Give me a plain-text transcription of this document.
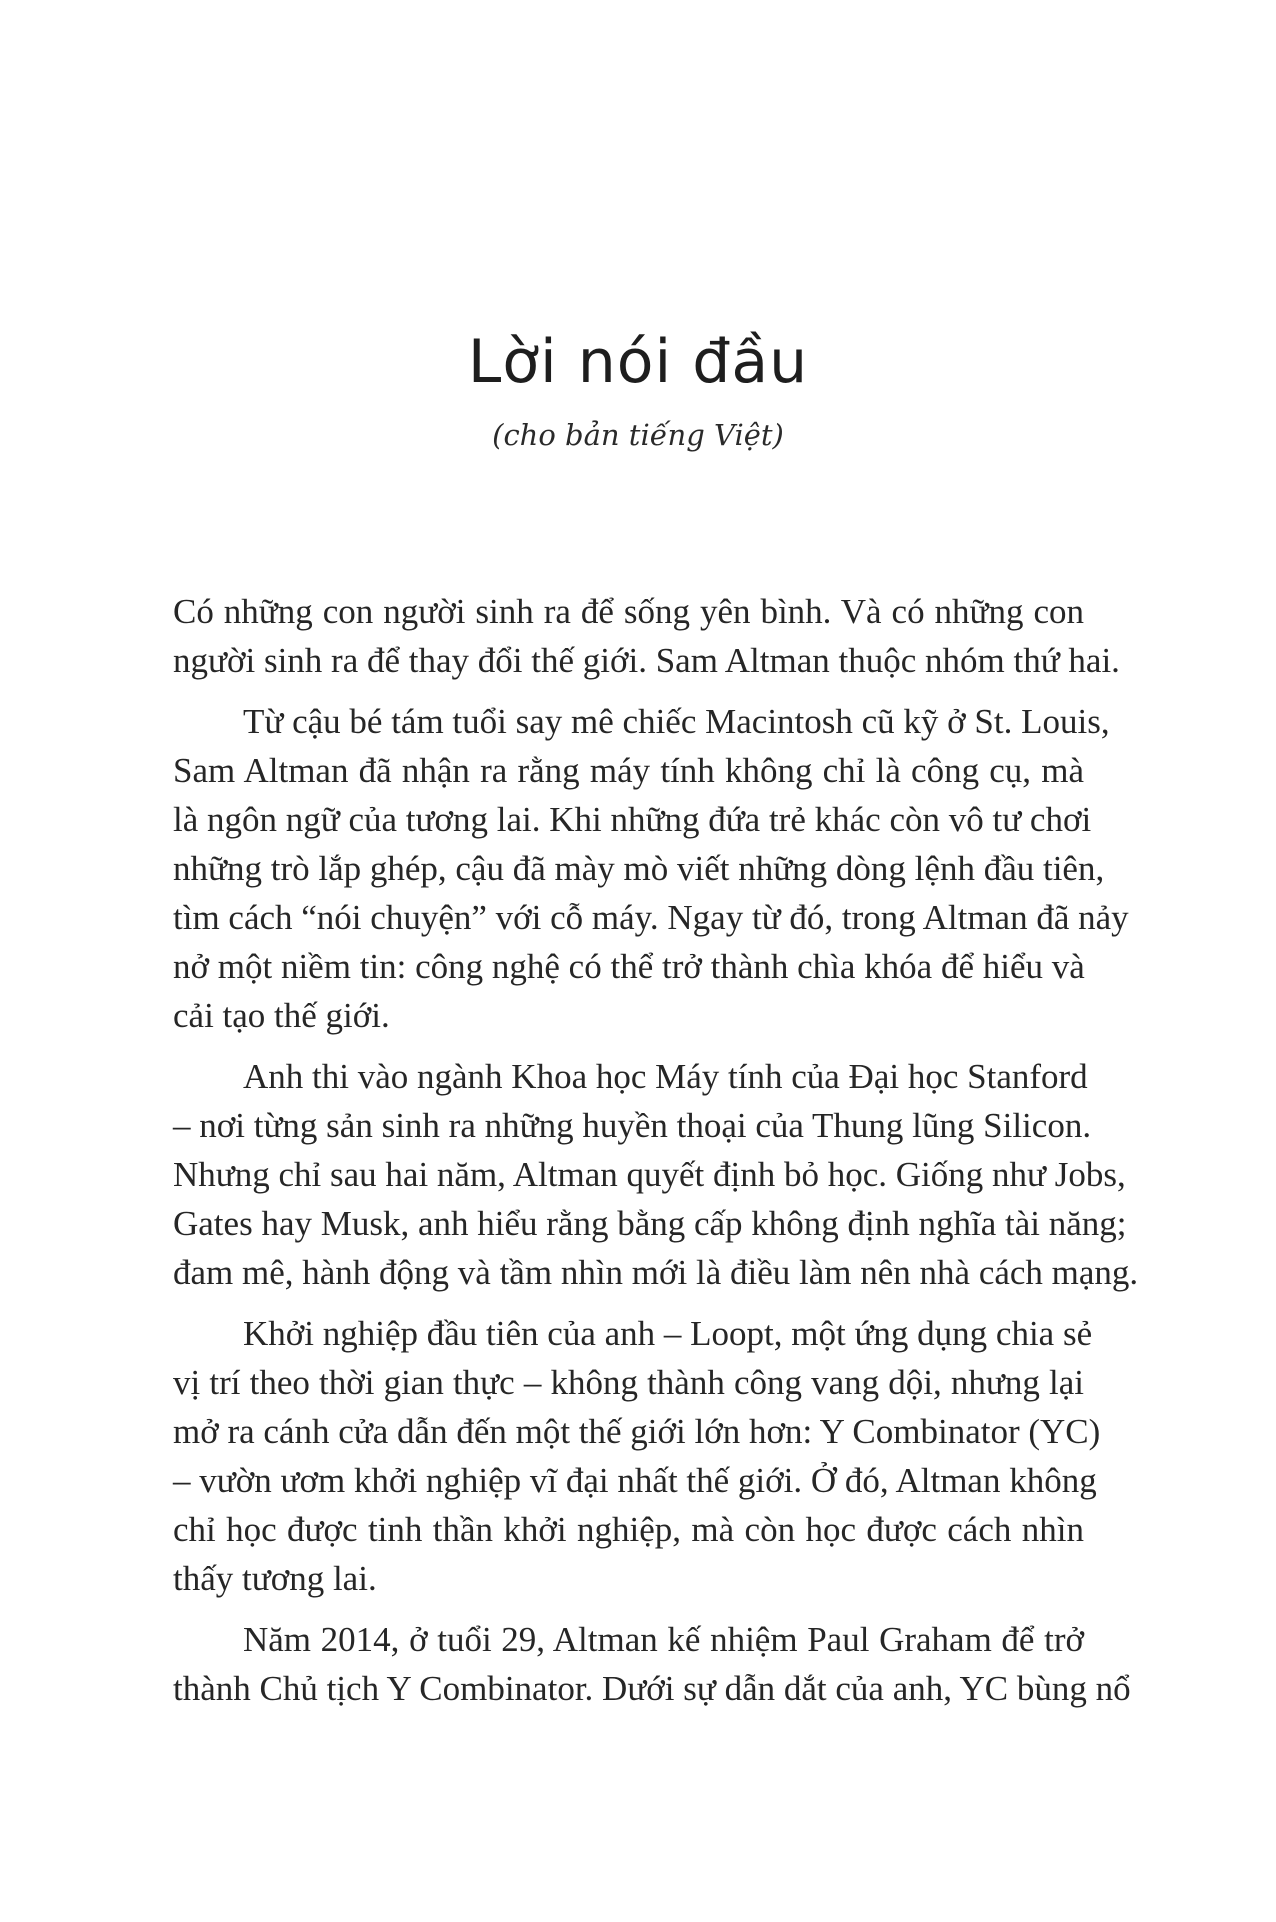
Lời nói đầu

(cho bản tiếng Việt)

Có những con người sinh ra để sống yên bình. Và có những con
người sinh ra để thay đổi thế giới. Sam Altman thuộc nhóm thứ hai.

Từ cậu bé tám tuổi say mê chiếc Macintosh cũ kỹ ở St. Louis,
Sam Altman đã nhận ra rằng máy tính không chỉ là công cụ, mà
là ngôn ngữ của tương lai. Khi những đứa trẻ khác còn vô tư chơi
những trò lắp ghép, cậu đã mày mò viết những dòng lệnh đầu tiên,
tìm cách “nói chuyện” với cỗ máy. Ngay từ đó, trong Altman đã nảy
nở một niềm tin: công nghệ có thể trở thành chìa khóa để hiểu và
cải tạo thế giới.

Anh thi vào ngành Khoa học Máy tính của Đại học Stanford
– nơi từng sản sinh ra những huyền thoại của Thung lũng Silicon.
Nhưng chỉ sau hai năm, Altman quyết định bỏ học. Giống như Jobs,
Gates hay Musk, anh hiểu rằng bằng cấp không định nghĩa tài năng;
đam mê, hành động và tầm nhìn mới là điều làm nên nhà cách mạng.

Khởi nghiệp đầu tiên của anh – Loopt, một ứng dụng chia sẻ
vị trí theo thời gian thực – không thành công vang dội, nhưng lại
mở ra cánh cửa dẫn đến một thế giới lớn hơn: Y Combinator (YC)
– vườn ươm khởi nghiệp vĩ đại nhất thế giới. Ở đó, Altman không
chỉ học được tinh thần khởi nghiệp, mà còn học được cách nhìn
thấy tương lai.

Năm 2014, ở tuổi 29, Altman kế nhiệm Paul Graham để trở
thành Chủ tịch Y Combinator. Dưới sự dẫn dắt của anh, YC bùng nổ
